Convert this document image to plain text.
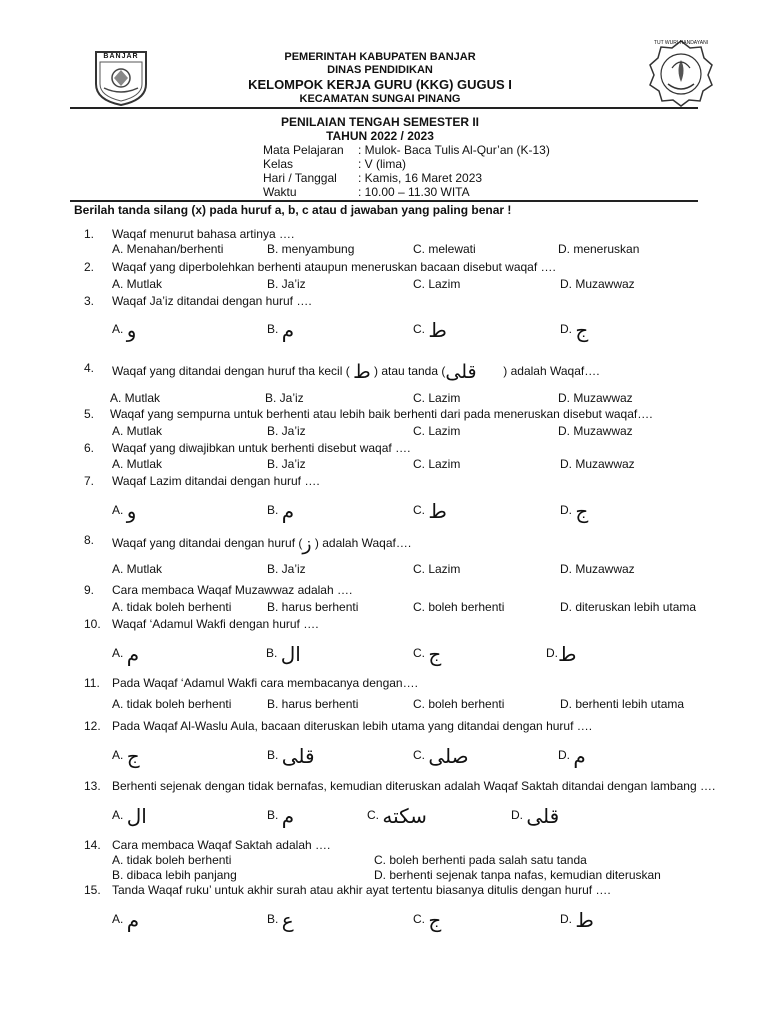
BANJAR
TUT WURI HANDAYANI
PEMERINTAH KABUPATEN BANJAR
DINAS PENDIDIKAN
KELOMPOK KERJA GURU (KKG) GUGUS I
KECAMATAN SUNGAI PINANG
PENILAIAN TENGAH SEMESTER II
TAHUN 2022 / 2023
Mata Pelajaran : Mulok- Baca Tulis Al-Qur’an (K-13)
Kelas	: V (lima)
Hari / Tanggal : Kamis, 16 Maret 2023
Waktu	: 10.00 – 11.30 WITA
Berilah tanda silang (x) pada huruf a, b, c atau d jawaban yang paling benar !
1.	Waqaf menurut bahasa artinya ….
A. Menahan/berhenti	B. menyambung	C. melewati	D. meneruskan
2.	Waqaf yang diperbolehkan berhenti ataupun meneruskan bacaan disebut waqaf ….
A. Mutlak	B. Ja’iz	C. Lazim	D. Muzawwaz
3.	Waqaf Ja’iz ditandai dengan huruf ….
A. و	B. م	C. ط	D. ج
4.	Waqaf yang ditandai dengan huruf tha kecil ( ط ) atau tanda (قلى ) adalah Waqaf….
A. Mutlak	B. Ja’iz	C. Lazim	D. Muzawwaz
5.	Waqaf yang sempurna untuk berhenti atau lebih baik berhenti dari pada meneruskan disebut waqaf….
A. Mutlak	B. Ja’iz	C. Lazim	D. Muzawwaz
6.	Waqaf yang diwajibkan untuk berhenti disebut waqaf ….
A. Mutlak	B. Ja’iz	C. Lazim	D. Muzawwaz
7.	Waqaf Lazim ditandai dengan huruf ….
A. و	B. م	C. ط	D. ج
8.	Waqaf yang ditandai dengan huruf (ز ) adalah Waqaf….
A. Mutlak	B. Ja’iz	C. Lazim	D. Muzawwaz
9.	Cara membaca Waqaf Muzawwaz adalah ….
A. tidak boleh berhenti	B. harus berhenti	C. boleh berhenti	D. diteruskan lebih utama
10. Waqaf ‘Adamul Wakfi dengan huruf ….
A. م	B. ال	C. ج	D.ط
11.	Pada Waqaf ‘Adamul Wakfi cara membacanya dengan….
A. tidak boleh berhenti	B. harus berhenti	C. boleh berhenti	D. berhenti lebih utama
12. Pada Waqaf Al-Waslu Aula, bacaan diteruskan lebih utama yang ditandai dengan huruf ….
A. ج	B. قلى	C. صلى	D. م
13. Berhenti sejenak dengan tidak bernafas, kemudian diteruskan adalah Waqaf Saktah ditandai dengan lambang ….
A. ال	B. م	C. سكته	D. قلى
14. Cara membaca Waqaf Saktah adalah ….
A. tidak boleh berhenti	C. boleh berhenti pada salah satu tanda
B. dibaca lebih panjang	D. berhenti sejenak tanpa nafas, kemudian diteruskan
15. Tanda Waqaf ruku’ untuk akhir surah atau akhir ayat tertentu biasanya ditulis dengan huruf ….
A. م	B. ع	C. ج	D. ط
